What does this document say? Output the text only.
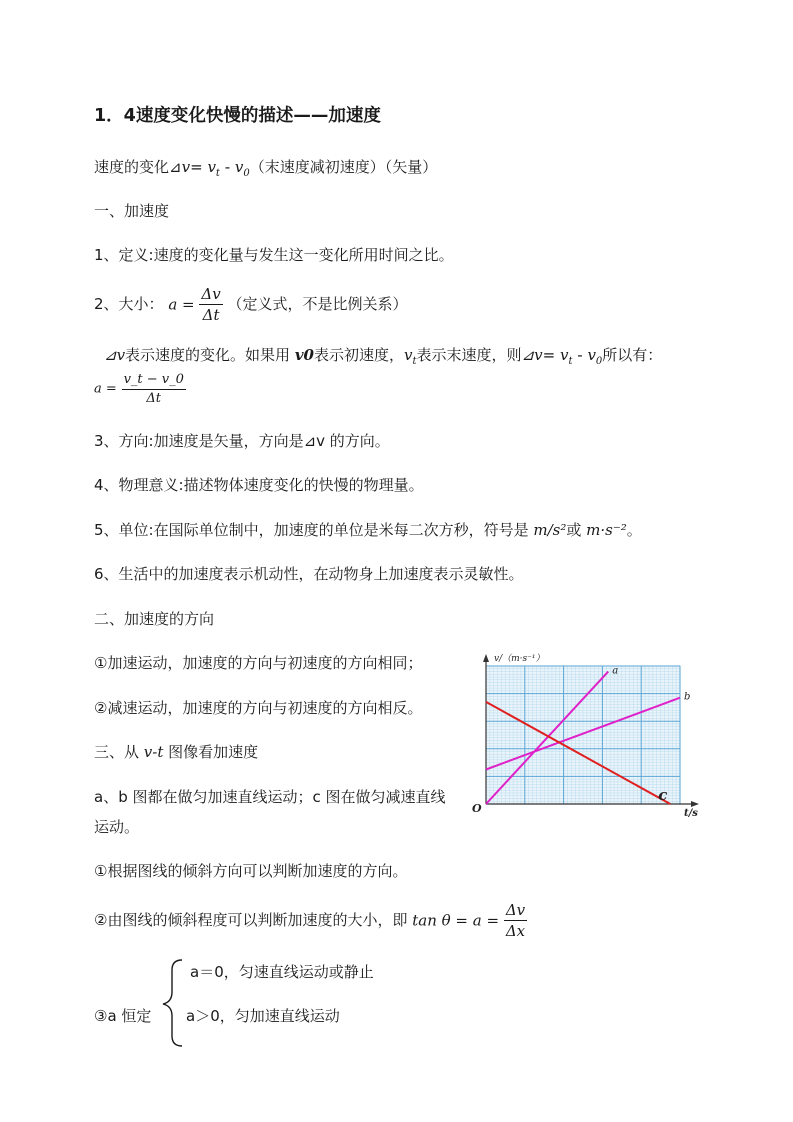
1．4速度变化快慢的描述——加速度
速度的变化⊿v= $v_t - v_0$（末速度减初速度）（矢量）
一、加速度
1、定义:速度的变化量与发生这一变化所用时间之比。
2、大小： $a = \frac{\Delta v}{\Delta t}$ （定义式，不是比例关系）
⊿v表示速度的变化。如果用 v0表示初速度，$v_t$表示末速度，则⊿v= $v_t - v_0$所以有：
$a = \frac{v\_t - v\_0}{\Delta t}$
3、方向:加速度是矢量，方向是⊿v 的方向。
4、物理意义:描述物体速度变化的快慢的物理量。
5、单位:在国际单位制中，加速度的单位是米每二次方秒，符号是 m/s²或 m·s⁻²。
6、生活中的加速度表示机动性，在动物身上加速度表示灵敏性。
二、加速度的方向
①加速运动，加速度的方向与初速度的方向相同；
②减速运动，加速度的方向与初速度的方向相反。
三、从 v-t 图像看加速度
a、b 图都在做匀加速直线运动；c 图在做匀减速直线
运动。
①根据图线的倾斜方向可以判断加速度的方向。
②由图线的倾斜程度可以判断加速度的大小，即 $\tan \theta = a = \frac{\Delta v}{\Delta x}$
a＝0，匀速直线运动或静止
③a 恒定 a＞0，匀加速直线运动
a
b
c
v/（m·s⁻¹）
t/s
O
